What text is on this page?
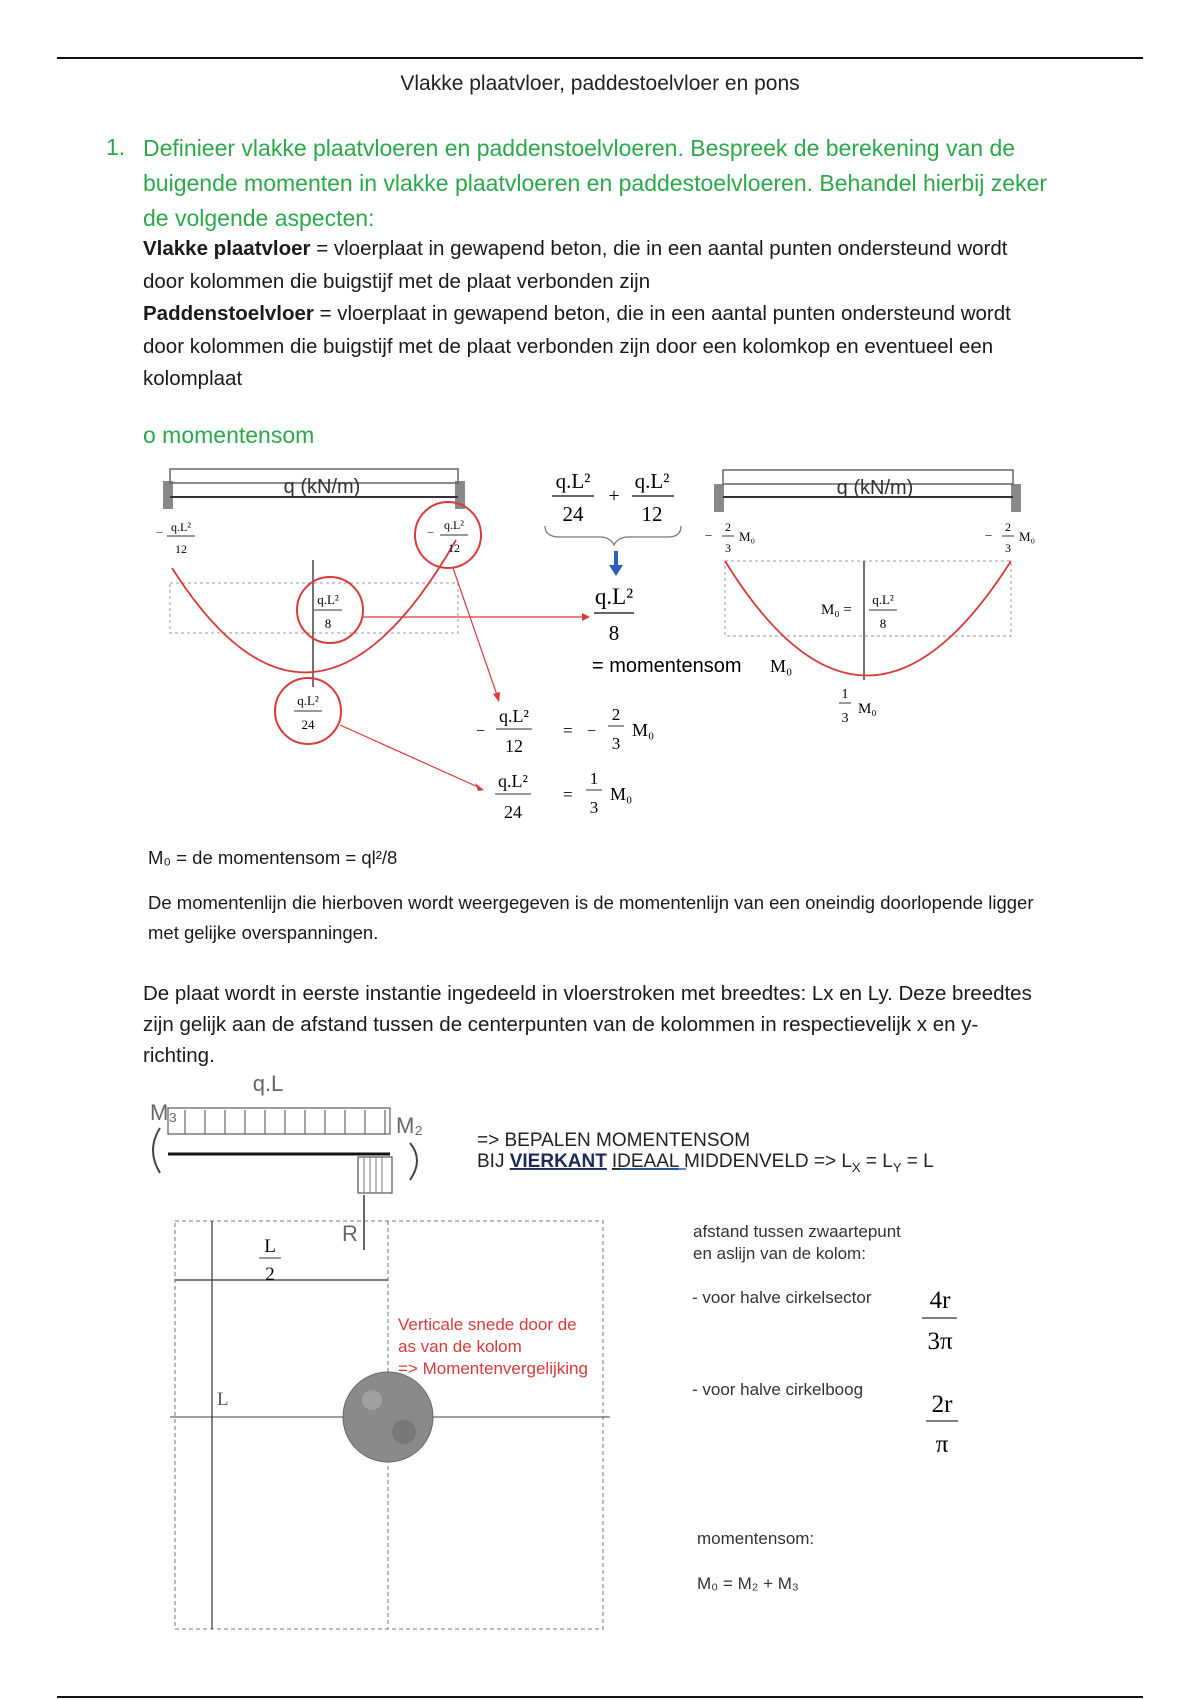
Vlakke plaatvloer, paddestoelvloer en pons
1. Definieer vlakke plaatvloeren en paddenstoelvloeren. Bespreek de berekening van de buigende momenten in vlakke plaatvloeren en paddestoelvloeren. Behandel hierbij zeker de volgende aspecten:
Vlakke plaatvloer = vloerplaat in gewapend beton, die in een aantal punten ondersteund wordt door kolommen die buigstijf met de plaat verbonden zijn
Paddenstoelvloer = vloerplaat in gewapend beton, die in een aantal punten ondersteund wordt door kolommen die buigstijf met de plaat verbonden zijn door een kolomkop en eventueel een kolomplaat
o momentensom
q (kN/m)
− q.L²
12
− q.L²
12
q.L²
8
q.L²
24
q.L²
24
+
q.L²
12
q.L²
8
= momentensom M₀
−
q.L²
12
= −
2
3
M₀
q.L²
24
=
1
3
M₀
q (kN/m)
−
2
3
M₀	−
2
3
M₀
M₀ =
q.L²
8
1
3
M₀
M₀ = de momentensom = ql²/8
De momentenlijn die hierboven wordt weergegeven is de momentenlijn van een oneindig doorlopende ligger met gelijke overspanningen.
De plaat wordt in eerste instantie ingedeeld in vloerstroken met breedtes: Lx en Ly. Deze breedtes zijn gelijk aan de afstand tussen de centerpunten van de kolommen in respectievelijk x en y- richting.
q.L
M₃
M₂
R
L
2
L
Verticale snede door de
as van de kolom
=> Momentenvergelijking
=> BEPALEN MOMENTENSOM
BIJ VIERKANT IDEAAL MIDDENVELD => $L_X = L_Y = L$
afstand tussen zwaartepunt
en aslijn van de kolom:
- voor halve cirkelsector 4r
3π
- voor halve cirkelboog
2r
π
momentensom:
M₀ = M₂ + M₃
